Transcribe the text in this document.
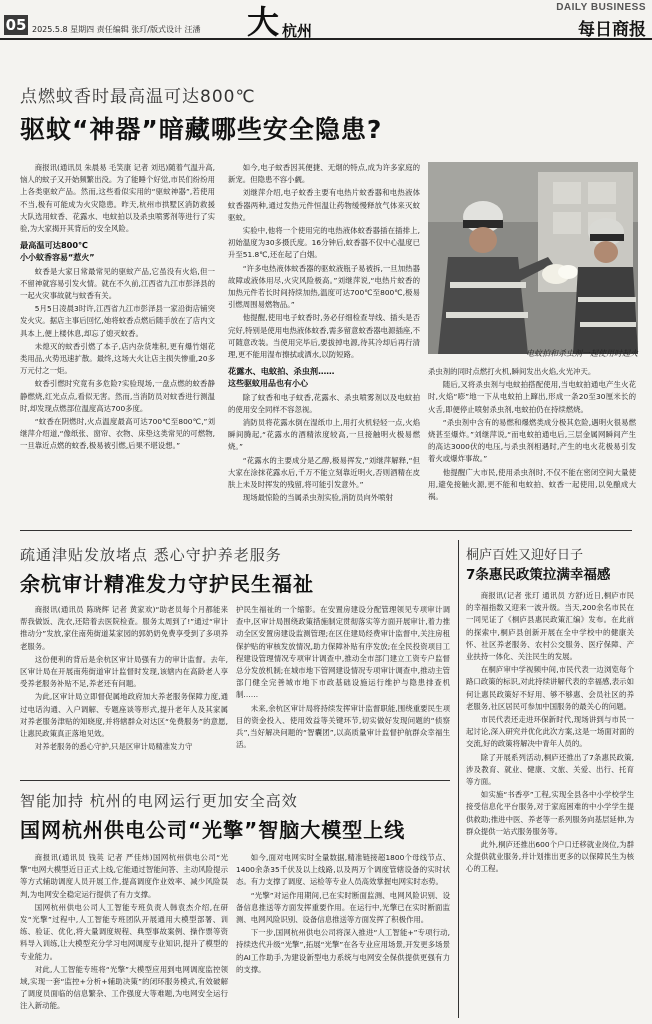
05 2025.5.8 星期四 责任编辑 张玎/版式设计 汪潘 大 杭州
DAILY BUSINESS
每日商报
点燃蚊香时最高温可达800℃
驱蚊“神器”暗藏哪些安全隐患?

商报讯(通讯员 朱晨易 毛笑康 记者 刘迅)随着气温升高,恼人的蚊子又开始频繁出没。为了能睡个好觉,市民们纷纷用上各类驱蚊产品。然而,这些看似实用的“驱蚊神器”,若使用不当,极有可能成为火灾隐患。昨天,杭州市拱墅区消防救援大队选用蚊香、花露水、电蚊拍以及杀虫喷雾剂等进行了实验,为大家揭开其背后的安全风险。

最高温可达800℃

小小蚊香容易“惹火”

蚊香是大家日常最常见的驱蚊产品,它虽没有火焰,但一不留神就容易引发火情。就在不久前,江西省九江市彭泽县的一起火灾事故就与蚊香有关。

5月5日凌晨3时许,江西省九江市彭泽县一家沿街店铺突发火灾。据店主事后回忆,她将蚊香点燃后随手放在了店内文具本上,便上楼休息,却忘了熄灭蚊香。

未熄灭的蚊香引燃了本子,店内杂货堆积,更有爆竹烟花类用品,火势迅速扩散。最终,这场大火让店主损失惨重,20多万元付之一炬。

蚊香引燃时究竟有多危险?实验现场,一盘点燃的蚊香静静燃烧,红光点点,看似无害。然而,当消防员对蚊香进行测温时,却发现点燃部位温度高达700多度。

“蚊香在阴燃时,火点温度最高可达700℃至800℃,”刘继萍介绍道,“像纸张、窗帘、衣物、床垫这类常见的可燃物,一旦靠近点燃的蚊香,极易被引燃,后果不堪设想。”

如今,电子蚊香因其便捷、无烟的特点,成为许多家庭的新宠。但隐患不容小觑。

刘继萍介绍,电子蚊香主要有电热片蚊香器和电热液体蚊香器两种,通过发热元件恒温让药物缓慢释放气体来灭蚊驱蚊。

实验中,他将一个使用完的电热液体蚊香器插在插排上,初始温度为30多摄氏度。16分钟后,蚊香器不仅中心温度已升至51.8℃,还在起了白烟。

“许多电热液体蚊香器的驱蚊液瓶子易被拆,一旦加热器故障或液体用尽,火灾风险极高。”刘继萍说,“电热片蚊香的加热元件若长时间持续加热,温度可达700℃至800℃,极易引燃周围易燃物品。”

他提醒,使用电子蚊香时,务必仔细检查导线、插头是否完好,特别是使用电热液体蚊香,需多留意蚊香器电源插座,不可随意改装。当使用完毕后,要拔掉电源,待其冷却后再行清理,更不能用湿布擦拭或洒水,以防短路。

花露水、电蚊拍、杀虫剂……

这些驱蚊用品也有小心

除了蚊香和电子蚊香,花露水、杀虫喷雾剂以及电蚊拍的使用安全同样不容忽视。

消防员将花露水倒在湿纸巾上,用打火机轻轻一点,火焰瞬间腾起,“花露水的酒精浓度较高,一旦接触明火极易燃烧。”

“花露水的主要成分是乙醇,极易挥发,”刘继萍解释,“但大家在涂抹花露水后,千万不能立刻靠近明火,否则酒精在皮肤上未及时挥发的残留,将可能引发意外。”

现场最惊险的当属杀虫剂实验,消防员向外喷射

电蚊拍和杀虫剂一起使用时起火

杀虫剂的同时点燃打火机,瞬间发出火焰,火光冲天。

随后,又将杀虫剂与电蚊拍搭配使用,当电蚊拍通电产生火花时,火焰“嘭”地一下从电蚊拍上蹿出,形成一条20至30厘米长的火舌,即便停止喷射杀虫剂,电蚊拍仍在持续燃烧。

“杀虫剂中含有的易燃和爆燃类成分极其危险,遇明火很易燃烧甚至爆炸。”刘继萍说,“而电蚊拍通电后,三层金属网瞬间产生的高达3000伏的电压,与杀虫剂相遇时,产生的电火花极易引发着火或爆炸事故。”

他提醒广大市民,使用杀虫剂时,不仅不能在密闭空间大量使用,避免接触火源,更不能和电蚊拍、蚊香一起使用,以免酿成大祸。

疏通津贴发放堵点 悉心守护养老服务
余杭审计精准发力守护民生福祉

商报讯(通讯员 陈晓辉 记者 黄家欢)“助老员每个月都能来帮我做饭、洗衣,还陪着去医院检查。服务太周到了!”通过“审计推动分”发放,家住南苑街道某家园的郭奶奶免费享受到了多项养老服务。

这份便利的背后是余杭区审计局强有力的审计监督。去年,区审计局在开展南苑街道审计监督时发现,该辖内在高龄老人享受养老服务补贴不足,养老还有问题。

为此,区审计局立即督促属地政府加大养老服务保障力度,通过电话沟通、入户调解、专题座谈等形式,提升老年人及其家属对养老服务津贴的知晓度,并将辖群众对达区“免费服务”的意愿,让惠民政策真正落地见效。

对养老服务的悉心守护,只是区审计局精准发力守

护民生福祉的一个缩影。在安置房建设分配管理领见专项审计调查中,区审计局围绕政策措施制定贯彻落实等方面开展审计,着力推动全区安置房建设监测管理;在区住建局经费审计监督中,关注房租保护贴的审核发放情况,助力保障补贴有序发放;在全民投资项目工程建设管理情况专项审计调查中,推动全市部门建立工资专户监督总分发放机制;在城市地下管网建设情况专项审计调查中,推动主管部门健全完善城市地下市政基础设施运行维护与隐患排查机制……

未来,余杭区审计局将持续发挥审计监督职能,围绕重要民生项目的资金投入、使用效益等关键环节,切实做好发现问题的“侦察兵”,当好解决问题的“智囊团”,以高质量审计监督护航群众幸福生活。

桐庐百姓又迎好日子
7条惠民政策拉满幸福感

商报讯(记者 张玎 通讯员 方舒)近日,桐庐市民的幸福指数又迎来一波升级。当天,200余名市民在一同见证了《桐庐县惠民政策汇编》发布。在此前的探索中,桐庐县创新开展在全中学校中的健康关怀、社区养老服务、农村公交服务、医疗保障、产业扶持一体化、关注民生的发展。

在桐庐审中学视频中间,市民代表一边浏览每个路口政策的标识,对此持续讲解代表的幸福感,表示如何让惠民政策好不好用、够不够惠、会员社区的养老服务,社区居民可参加中国服务的最关心的问题。

市民代表还走进环保新时代,现场讲到与市民一起讨论,深入研究并优化此次方案,这是一场面对面的交流,好的政策将解决中青年人员的。

除了开展系列活动,桐庐还推出了7条惠民政策,涉及教育、就业、健康、文旅、关爱、出行、托育等方面。

如实施“书香亭”工程,实现全县各中小学校学生接受信息化平台服务,对于家庭困难的中小学学生提供救助;推进中医、养老等一系列服务向基层延伸,为群众提供一站式服务服务等。

此外,桐庐还推出600个户口迁移就业岗位,为群众提供就业服务,并计划推出更多的以保障民生为核心的工程。

智能加持 杭州的电网运行更加安全高效
国网杭州供电公司“光擎”智脑大模型上线

商报讯(通讯员 钱英 记者 严佳炜)国网杭州供电公司“光擎”电网大模型近日正式上线,它能通过智能问答、主动风险提示等方式辅助调度人员开展工作,提高调度作业效率、减少风险误判,为电网安全稳定运行提供了有力支撑。

国网杭州供电公司人工智能专班负责人韩袁杰介绍,在研发“光擎”过程中,人工智能专班团队开展通用大模型部署、训练、验证、优化,将大量调度规程、典型事故案例、操作票等资料导入训练,让大模型充分学习电网调度专业知识,提升了模型的专业能力。

对此,人工智能专班将“光擎”大模型应用到电网调度监控领域,实现一套“监控+分析+辅助决策”的闭环服务模式,有效破解了调度员面临的信息繁杂、工作强度大等难题,为电网安全运行注入新动能。

如今,面对电网实时全量数据,精准链接超1800个母线节点、1400余条35千伏及以上线路,以及两万个调度管辖设备的实时状态。有力支撑了调度、运检等专业人员高效掌握电网实时态势。

“光擎”对运作用期间,已在实时断面监测、电网风险识别、设备信息推送等方面发挥重要作用。在运行中,光擎已在实时断面监测、电网风险识别、设备信息推送等方面发挥了积极作用。

下一步,国网杭州供电公司将深入推进“人工智能+”专项行动,持续迭代升级“光擎”,拓展“光擎”在各专业应用场景,开发更多场景的AI工作助手,为建设新型电力系统与电网安全保供提供更强有力的支撑。
